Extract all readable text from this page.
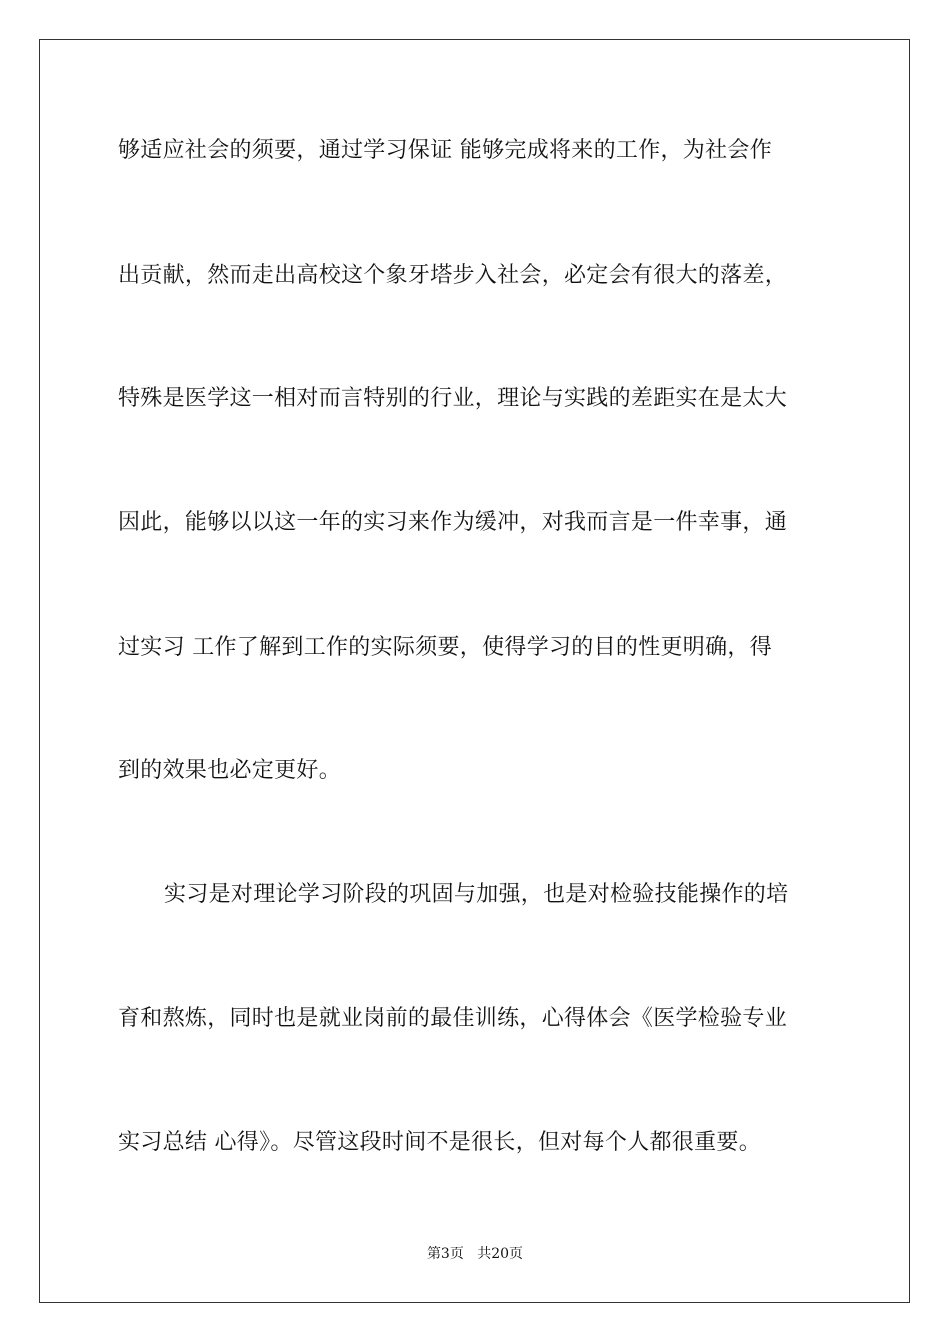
够适应社会的须要，通过学习保证 能够完成将来的工作，为社会作
出贡献，然而走出高校这个象牙塔步入社会，必定会有很大的落差，
特殊是医学这一相对而言特别的行业，理论与实践的差距实在是太大
因此，能够以以这一年的实习来作为缓冲，对我而言是一件幸事，通
过实习 工作了解到工作的实际须要，使得学习的目的性更明确，得
到的效果也必定更好。
实习是对理论学习阶段的巩固与加强，也是对检验技能操作的培
育和熬炼，同时也是就业岗前的最佳训练，心得体会《医学检验专业
实习总结 心得》。尽管这段时间不是很长，但对每个人都很重要。
第3页 共20页
